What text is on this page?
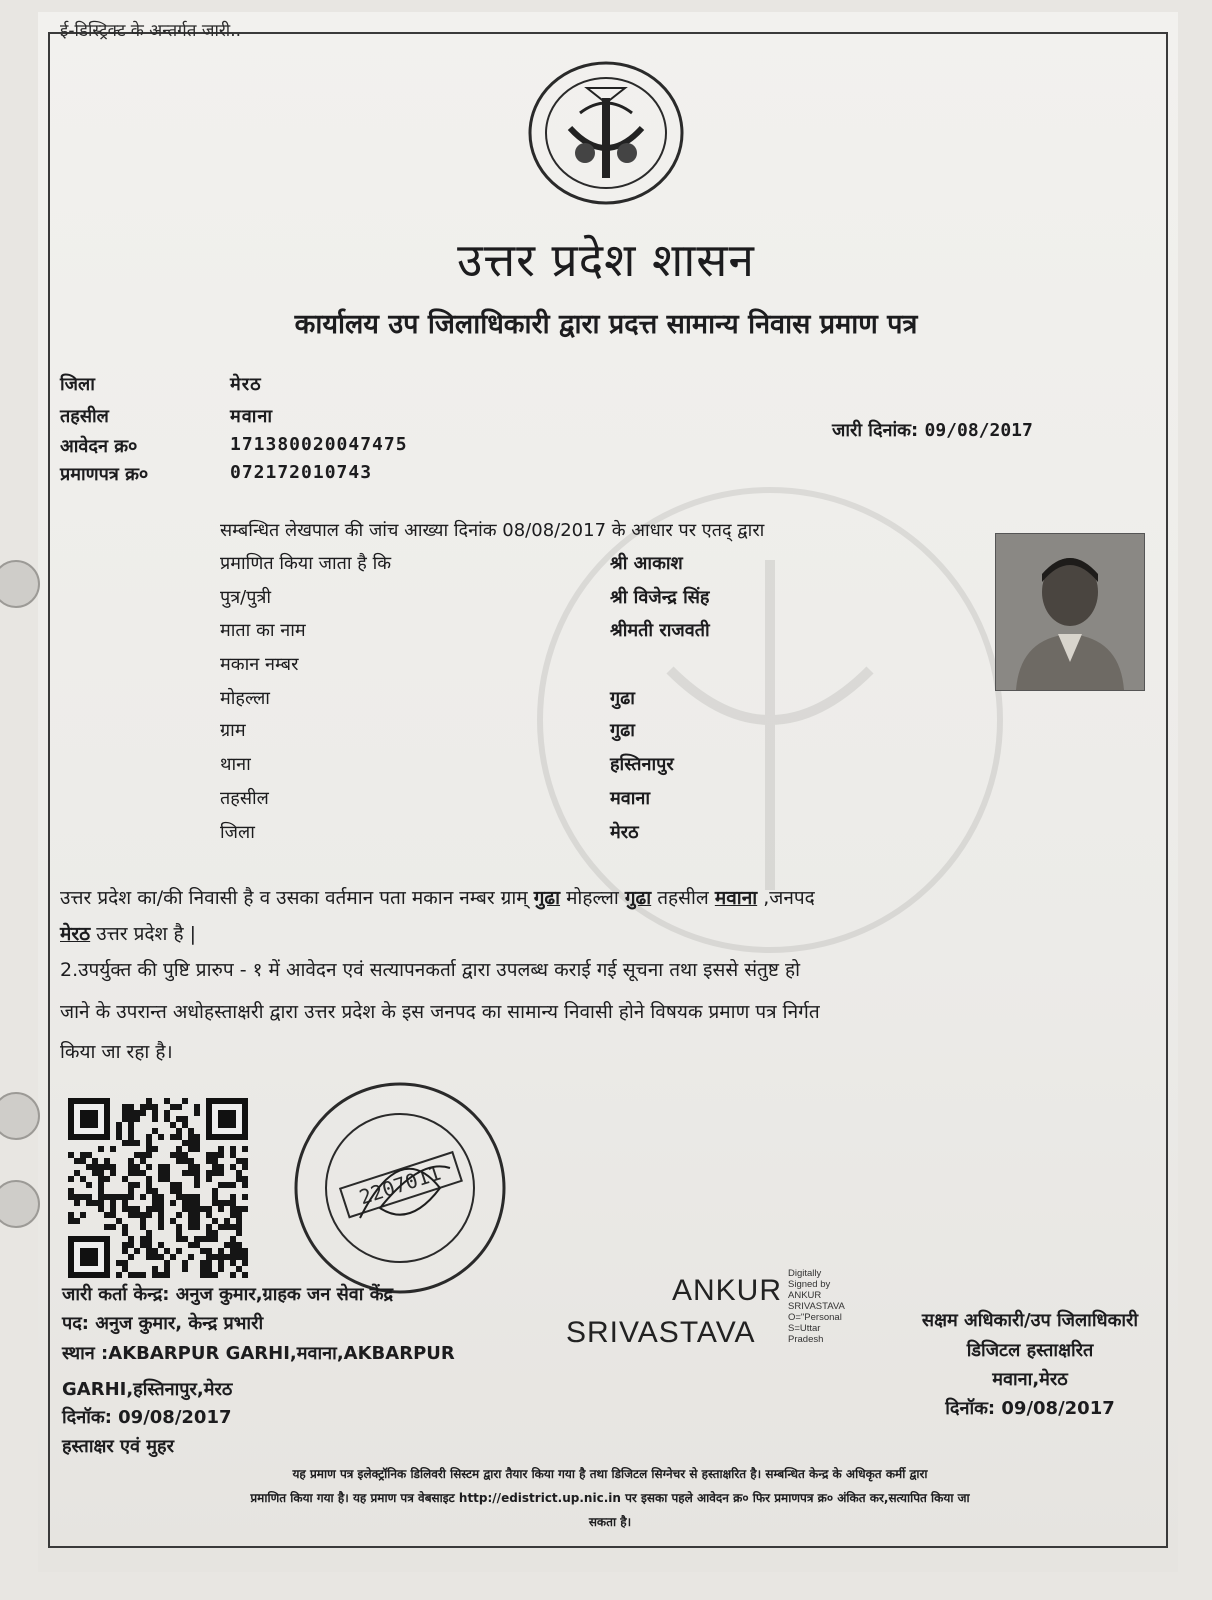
ई-डिस्ट्रिक्ट के अन्तर्गत जारी..
उत्तर प्रदेश शासन
कार्यालय उप जिलाधिकारी द्वारा प्रदत्त सामान्य निवास प्रमाण पत्र
जिला	मेरठ
तहसील	मवाना
आवेदन क्र०	171380020047475
प्रमाणपत्र क्र०	072172010743
जारी दिनांक: 09/08/2017
सम्बन्धित लेखपाल की जांच आख्या दिनांक 08/08/2017 के आधार पर एतद् द्वारा
प्रमाणित किया जाता है कि	श्री आकाश
पुत्र/पुत्री	श्री विजेन्द्र सिंह
माता का नाम	श्रीमती राजवती
मकान नम्बर
मोहल्ला	गुढा
ग्राम	गुढा
थाना	हस्तिनापुर
तहसील	मवाना
जिला	मेरठ
उत्तर प्रदेश का/की निवासी है व उसका वर्तमान पता मकान नम्बर ग्राम् गुढा मोहल्ला गुढा तहसील मवाना ,जनपद
मेरठ उत्तर प्रदेश है |
2.उपर्युक्त की पुष्टि प्रारुप - १ में आवेदन एवं सत्यापनकर्ता द्वारा उपलब्ध कराई गई सूचना तथा इससे संतुष्ट हो
जाने के उपरान्त अधोहस्ताक्षरी द्वारा उत्तर प्रदेश के इस जनपद का सामान्य निवासी होने विषयक प्रमाण पत्र निर्गत
किया जा रहा है।
2207011
जारी कर्ता केन्द्र: अनुज कुमार,ग्राहक जन सेवा केंद्र
पद: अनुज कुमार, केन्द्र प्रभारी
स्थान :AKBARPUR GARHI,मवाना,AKBARPUR
GARHI,हस्तिनापुर,मेरठ
दिनॉक: 09/08/2017
हस्ताक्षर एवं मुहर
ANKUR
SRIVASTAVA
Digitally
Signed by
ANKUR
SRIVASTAVA
O="Personal
S=Uttar
Pradesh
सक्षम अधिकारी/उप जिलाधिकारी
डिजिटल हस्ताक्षरित
मवाना,मेरठ
दिनॉक: 09/08/2017
यह प्रमाण पत्र इलेक्ट्रॉनिक डिलिवरी सिस्टम द्वारा तैयार किया गया है तथा डिजिटल सिग्नेचर से हस्ताक्षरित है। सम्बन्धित केन्द्र के अधिकृत कर्मी द्वारा
प्रमाणित किया गया है। यह प्रमाण पत्र वेबसाइट http://edistrict.up.nic.in पर इसका पहले आवेदन क्र० फिर प्रमाणपत्र क्र० अंकित कर,सत्यापित किया जा
सकता है।
